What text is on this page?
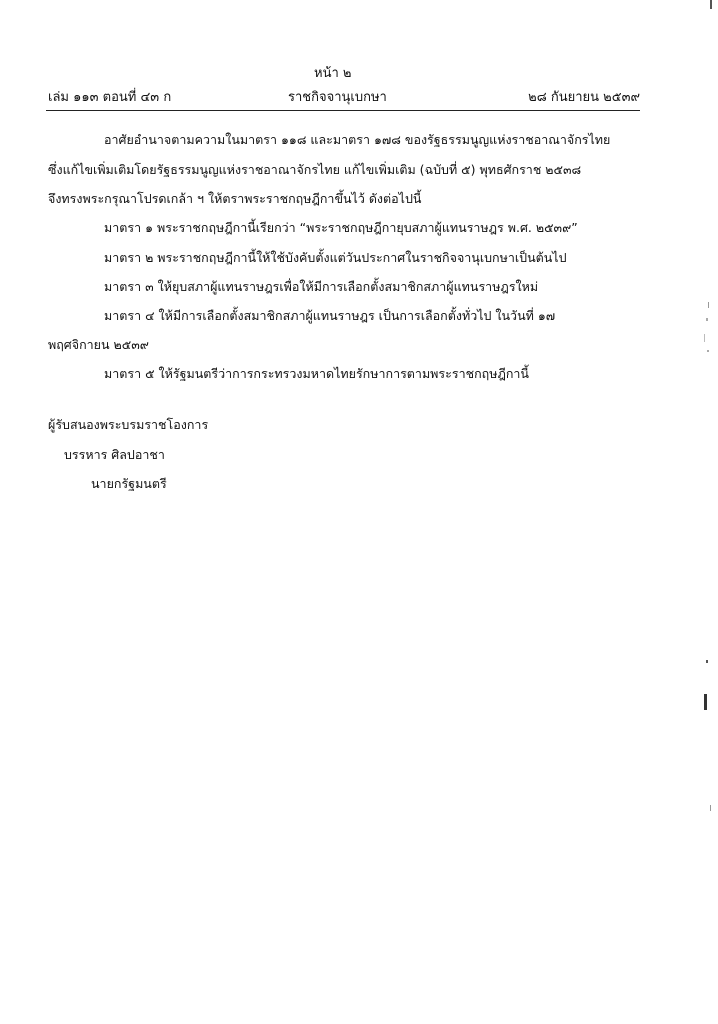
หน้า ๒
เล่ม ๑๑๓ ตอนที่ ๔๓ ก	ราชกิจจานุเบกษา	๒๘ กันยายน ๒๕๓๙
อาศัยอำนาจตามความในมาตรา ๑๑๘ และมาตรา ๑๗๘ ของรัฐธรรมนูญแห่งราชอาณาจักรไทย
ซึ่งแก้ไขเพิ่มเติมโดยรัฐธรรมนูญแห่งราชอาณาจักรไทย แก้ไขเพิ่มเติม (ฉบับที่ ๕) พุทธศักราช ๒๕๓๘
จึงทรงพระกรุณาโปรดเกล้า ฯ ให้ตราพระราชกฤษฎีกาขึ้นไว้ ดังต่อไปนี้
มาตรา ๑ พระราชกฤษฎีกานี้เรียกว่า “พระราชกฤษฎีกายุบสภาผู้แทนราษฎร พ.ศ. ๒๕๓๙”
มาตรา ๒ พระราชกฤษฎีกานี้ให้ใช้บังคับตั้งแต่วันประกาศในราชกิจจานุเบกษาเป็นต้นไป
มาตรา ๓ ให้ยุบสภาผู้แทนราษฎรเพื่อให้มีการเลือกตั้งสมาชิกสภาผู้แทนราษฎรใหม่
มาตรา ๔ ให้มีการเลือกตั้งสมาชิกสภาผู้แทนราษฎร เป็นการเลือกตั้งทั่วไป ในวันที่ ๑๗
พฤศจิกายน ๒๕๓๙
มาตรา ๕ ให้รัฐมนตรีว่าการกระทรวงมหาดไทยรักษาการตามพระราชกฤษฎีกานี้
ผู้รับสนองพระบรมราชโองการ
บรรหาร ศิลปอาชา
นายกรัฐมนตรี
